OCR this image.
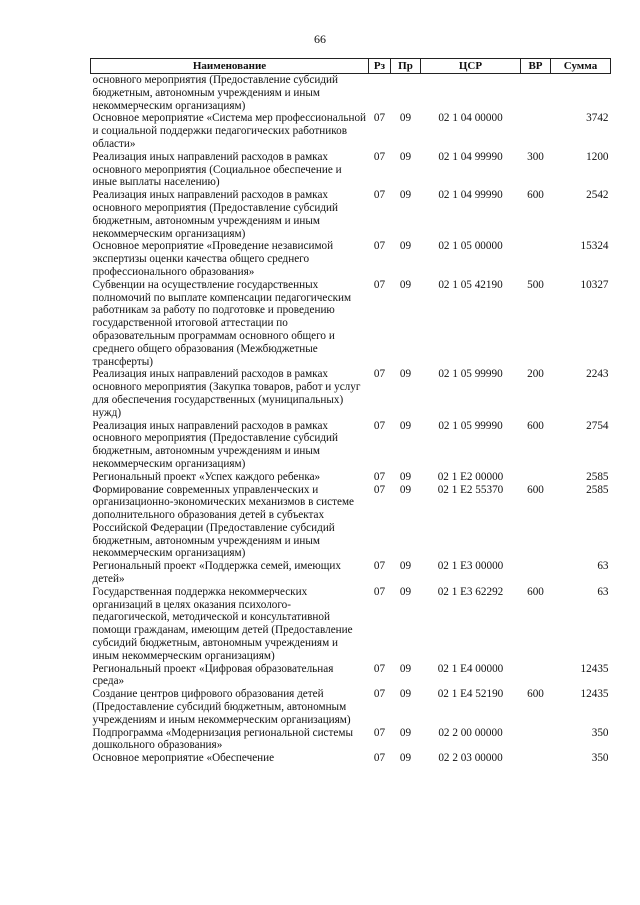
66
Наименование	Рз	Пр	ЦСР	ВР	Сумма
основного мероприятия (Предоставление субсидий бюджетным, автономным учреждениям и иным некоммерческим организациям)					
Основное мероприятие «Система мер профессиональной и социальной поддержки педагогических работников области»	07	09	02 1 04 00000		3742
Реализация иных направлений расходов в рамках основного мероприятия (Социальное обеспечение и иные выплаты населению)	07	09	02 1 04 99990	300	1200
Реализация иных направлений расходов в рамках основного мероприятия (Предоставление субсидий бюджетным, автономным учреждениям и иным некоммерческим организациям)	07	09	02 1 04 99990	600	2542
Основное мероприятие «Проведение независимой экспертизы оценки качества общего среднего профессионального образования»	07	09	02 1 05 00000		15324
Субвенции на осуществление государственных полномочий по выплате компенсации педагогическим работникам за работу по подготовке и проведению государственной итоговой аттестации по образовательным программам основного общего и среднего общего образования (Межбюджетные трансферты)	07	09	02 1 05 42190	500	10327
Реализация иных направлений расходов в рамках основного мероприятия (Закупка товаров, работ и услуг для обеспечения государственных (муниципальных) нужд)	07	09	02 1 05 99990	200	2243
Реализация иных направлений расходов в рамках основного мероприятия (Предоставление субсидий бюджетным, автономным учреждениям и иным некоммерческим организациям)	07	09	02 1 05 99990	600	2754
Региональный проект «Успех каждого ребенка»	07	09	02 1 E2 00000		2585
Формирование современных управленческих и организационно-экономических механизмов в системе дополнительного образования детей в субъектах Российской Федерации (Предоставление субсидий бюджетным, автономным учреждениям и иным некоммерческим организациям)	07	09	02 1 E2 55370	600	2585
Региональный проект «Поддержка семей, имеющих детей»	07	09	02 1 E3 00000		63
Государственная поддержка некоммерческих организаций в целях оказания психолого-педагогической, методической и консультативной помощи гражданам, имеющим детей (Предоставление субсидий бюджетным, автономным учреждениям и иным некоммерческим организациям)	07	09	02 1 E3 62292	600	63
Региональный проект «Цифровая образовательная среда»	07	09	02 1 E4 00000		12435
Создание центров цифрового образования детей (Предоставление субсидий бюджетным, автономным учреждениям и иным некоммерческим организациям)	07	09	02 1 E4 52190	600	12435
Подпрограмма «Модернизация региональной системы дошкольного образования»	07	09	02 2 00 00000		350
Основное мероприятие «Обеспечение	07	09	02 2 03 00000		350
